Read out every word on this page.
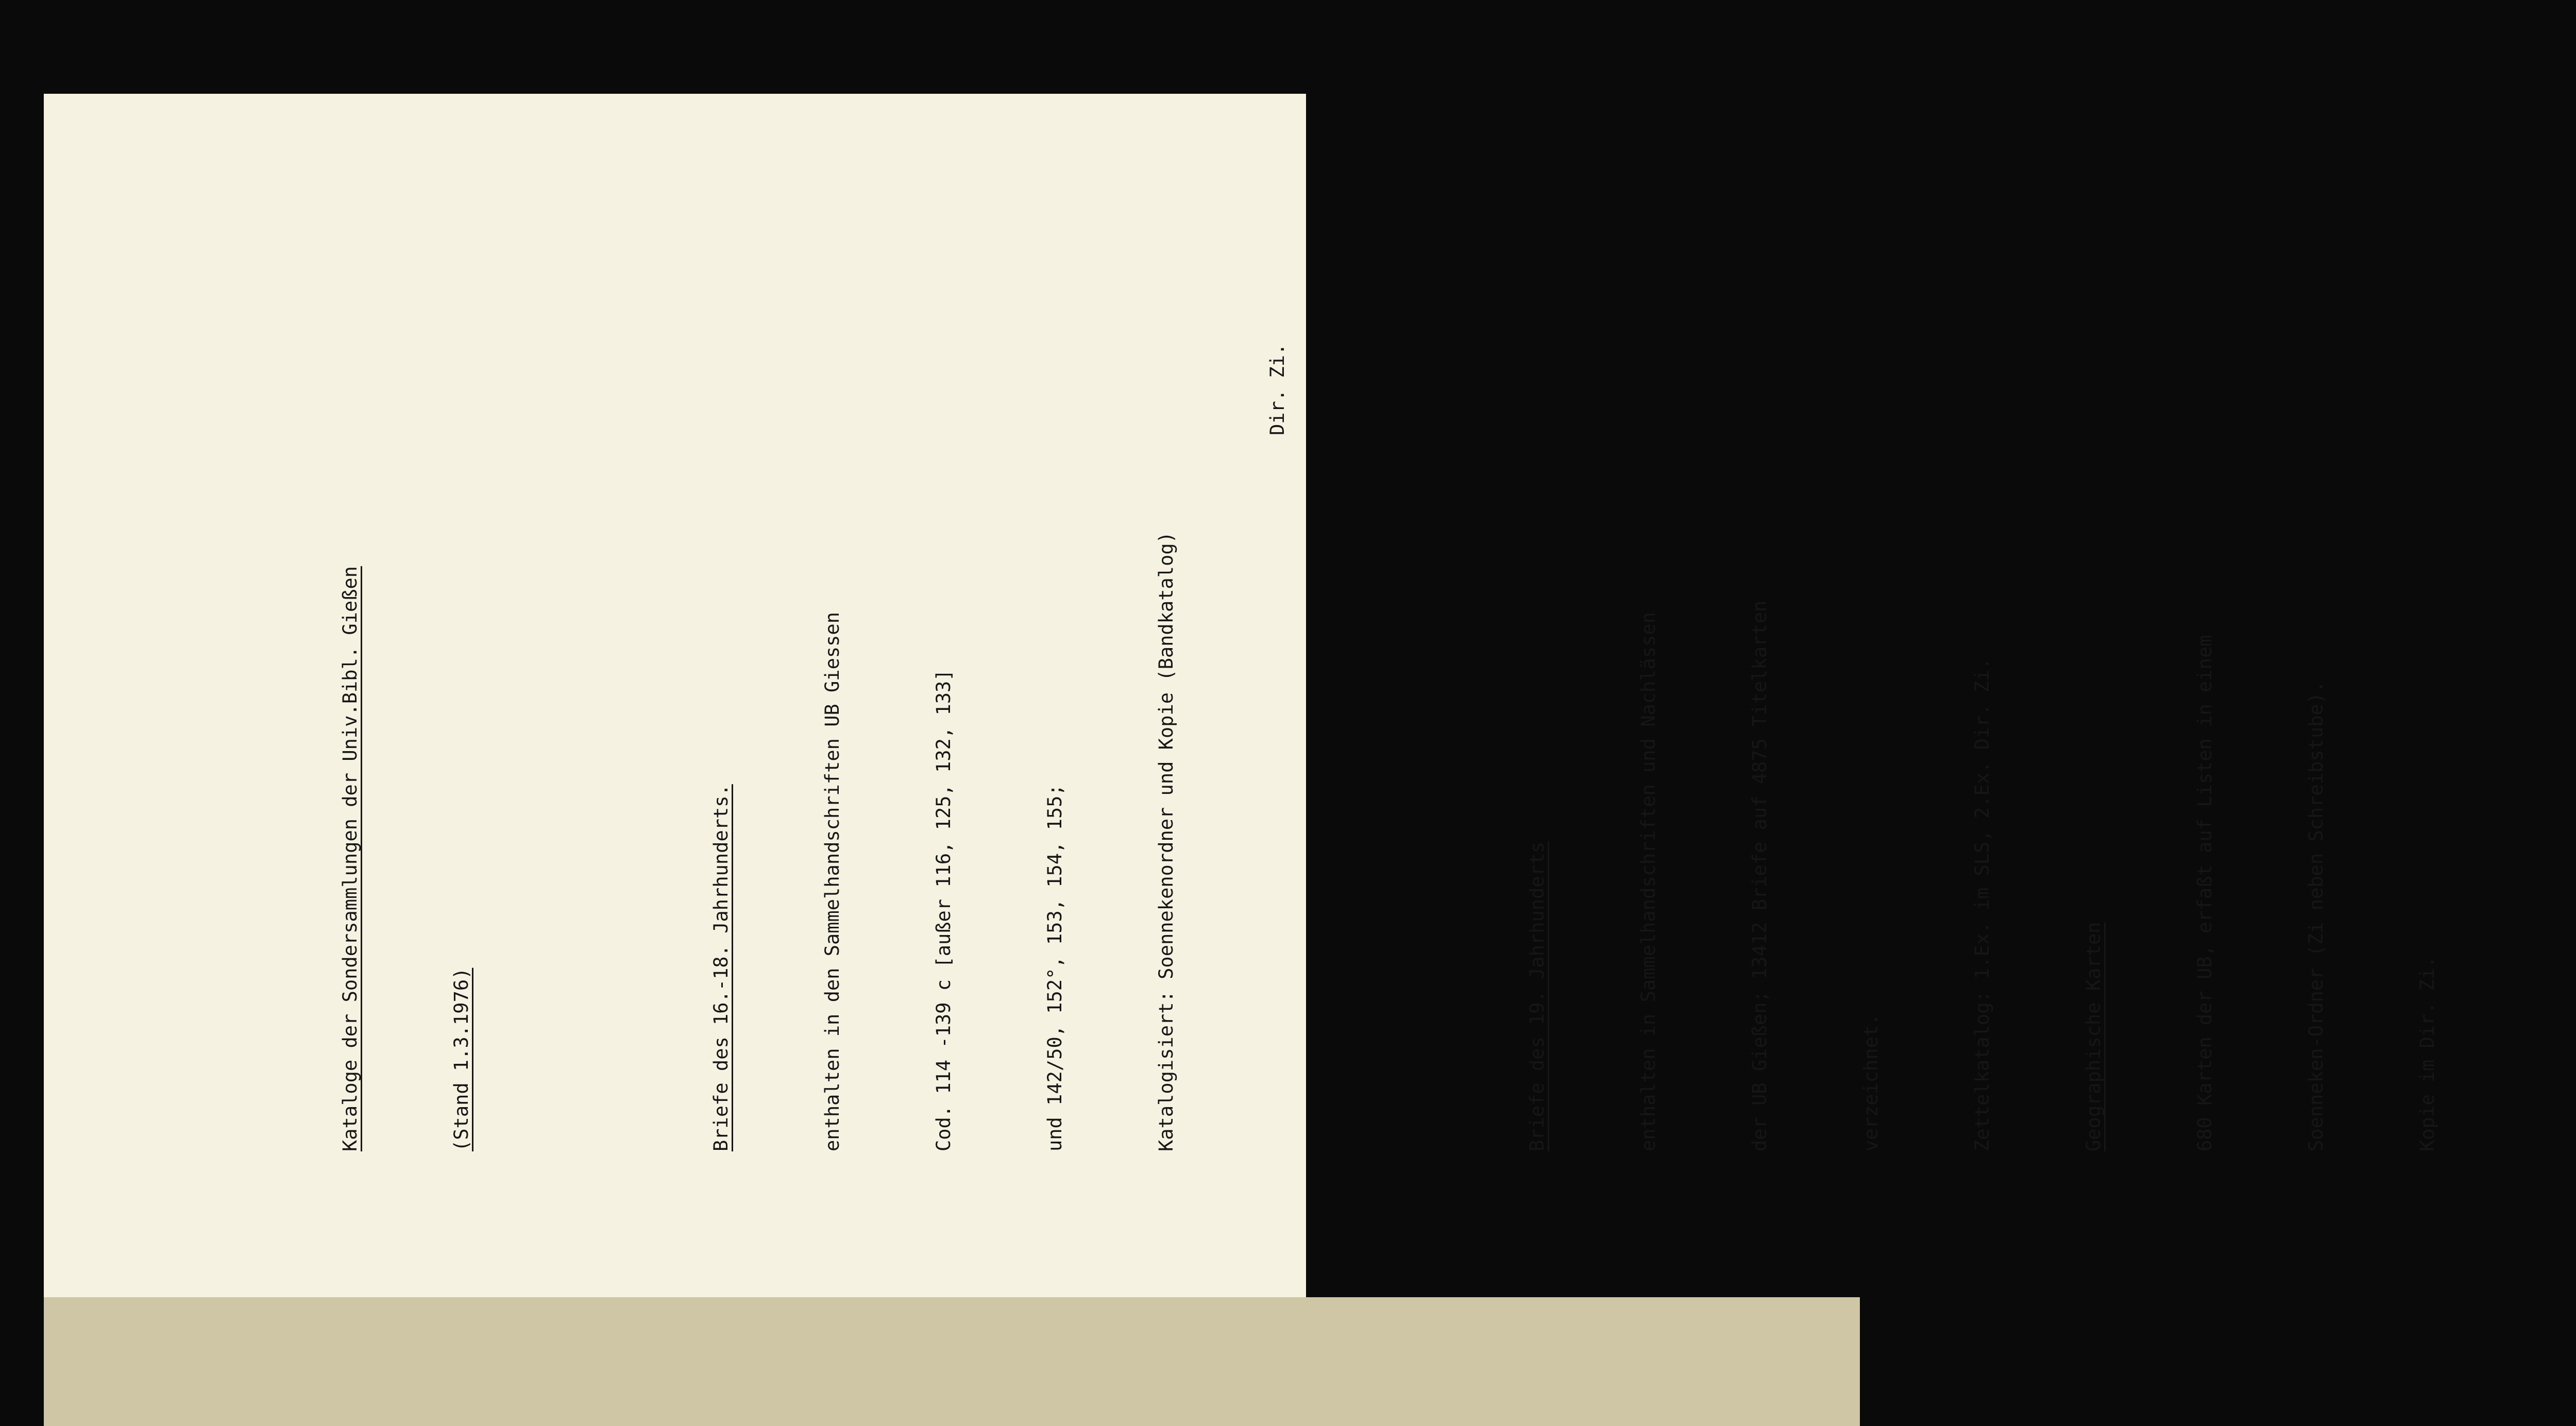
Kataloge der Sondersammlungen der Univ.Bibl. Gießen

	(Stand 1.3.1976)

	Briefe des 16.-18. Jahrhunderts.

	enthalten in den Sammelhandschriften UB Giessen

	Cod. 114 -139 c [außer 116, 125, 132, 133]

	und 142/50, 152°, 153, 154, 155;

	Katalogisiert: Soennekenordner und Kopie (Bandkatalog)

Dir. Zi.

Briefe des 19. Jahrhunderts

	enthalten in Sammelhandschriften und Nachlässen

	der UB Gießen; 13412 Briefe auf 4875 Titelkarten

	verzeichnet.

	Zettelkatalog: 1.Ex. im SLS, 2.Ex. Dir. Zi.

	Geographische Karten

	680 Karten der UB, erfaßt auf Listen in einem

	Soenneken-Ordner (Zi neben Schreibstube).

	Kopie im Dir. Zi.
